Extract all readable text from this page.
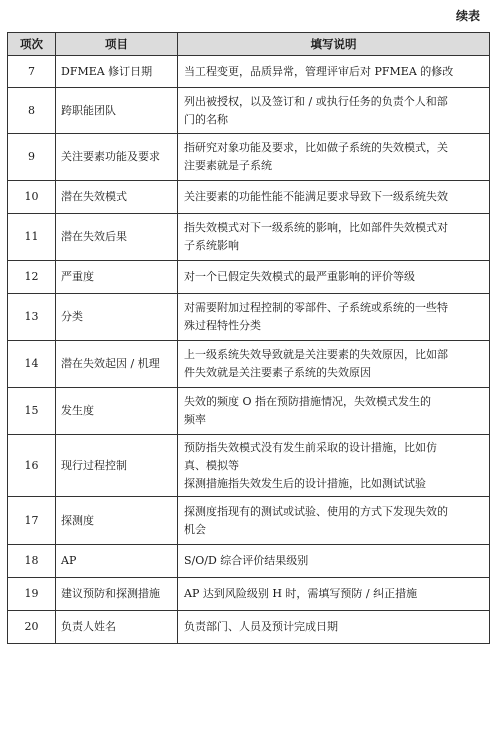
续表
项次	项目	填写说明
7	DFMEA 修订日期	当工程变更，品质异常，管理评审后对 PFMEA 的修改

8	跨职能团队	列出被授权，以及签订和 / 或执行任务的负责个人和部
门的名称

9	关注要素功能及要求	指研究对象功能及要求，比如做子系统的失效模式，关
注要素就是子系统

10	潜在失效模式	关注要素的功能性能不能满足要求导致下一级系统失效

11	潜在失效后果	指失效模式对下一级系统的影响，比如部件失效模式对
子系统影响

12	严重度	对一个已假定失效模式的最严重影响的评价等级

13	分类	对需要附加过程控制的零部件、子系统或系统的一些特
殊过程特性分类

14	潜在失效起因 / 机理	上一级系统失效导致就是关注要素的失效原因，比如部
件失效就是关注要素子系统的失效原因

15	发生度	失效的频度 O 指在预防措施情况，失效模式发生的
频率

16	现行过程控制	预防指失效模式没有发生前采取的设计措施，比如仿
真、模拟等
探测措施指失效发生后的设计措施，比如测试试验

17	探测度	探测度指现有的测试或试验、使用的方式下发现失效的
机会

18	AP	S/O/D 综合评价结果级别

19	建议预防和探测措施	AP 达到风险级别 H 时，需填写预防 / 纠正措施

20	负责人姓名	负责部门、人员及预计完成日期
